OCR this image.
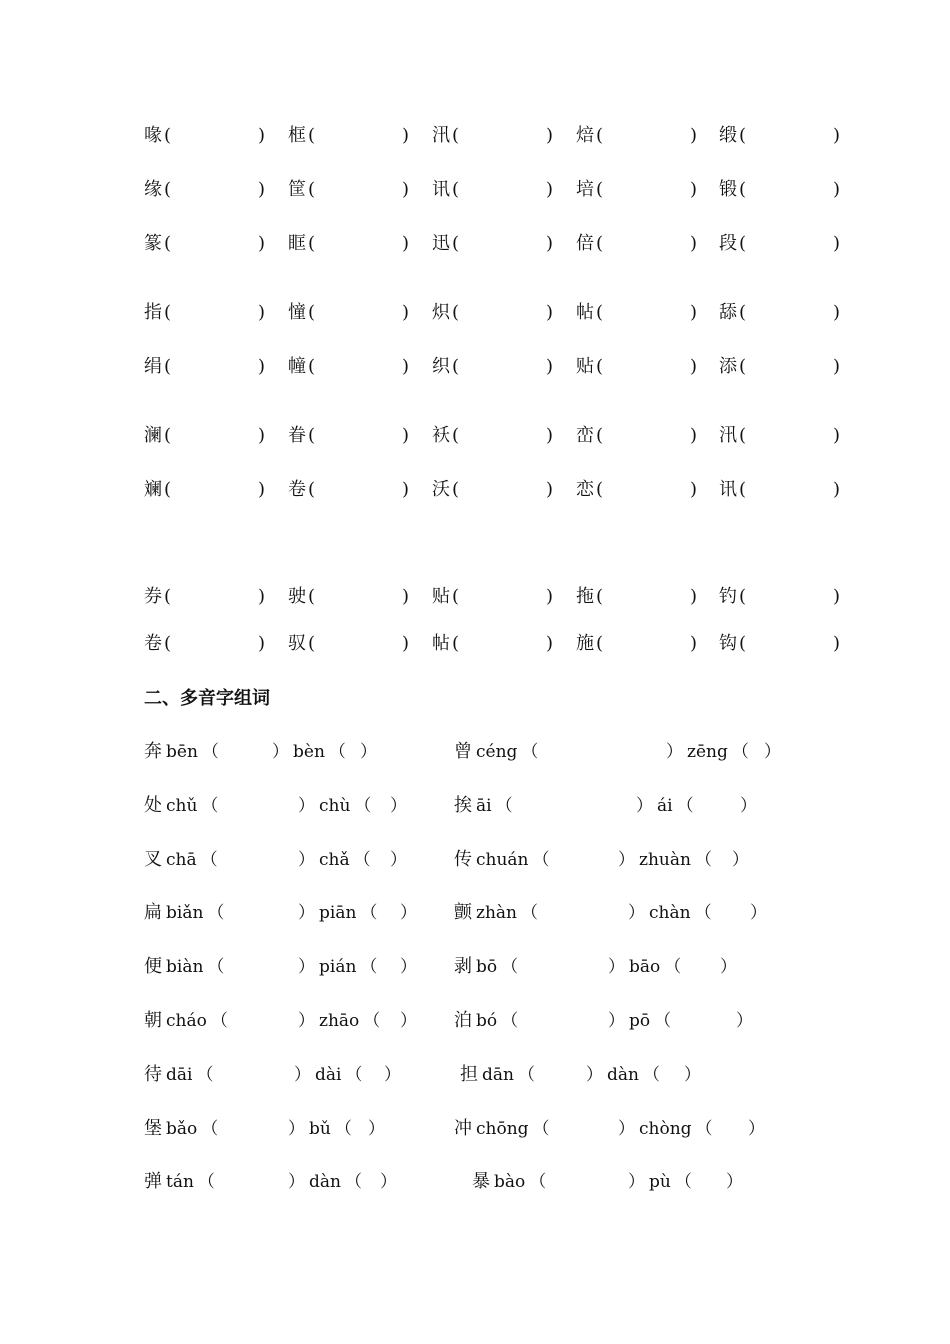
喙 (	) 框 (	) 汛 (	) 焙 (	) 缎 (	)
缘 (	) 筐 (	) 讯 (	) 培 (	) 锻 (	)
篆 (	) 眶 (	) 迅 (	) 倍 (	) 段 (	)
指 (	) 憧 (	) 炽 (	) 帖 (	) 舔 (	)
绢 (	) 幢 (	) 织 (	) 贴 (	) 添 (	)
澜 (	) 眷 (	) 袄 (	) 峦 (	) 汛 (	)
斓 (	) 卷 (	) 沃 (	) 恋 (	) 讯 (	)
券 (	) 驶 (	) 贴 (	) 拖 (	) 钓 (	)
卷 (	) 驭 (	) 帖 (	) 施 (	) 钩 (	)
二、多音字组词
奔 bēn （	） bèn （ ）	曾 céng （	） zēng （ ）
处 chǔ （	） chù （ ）	挨 āi （	） ái （	）
叉 chā （	） chǎ （ ）	传 chuán （	） zhuàn （ ）
扁 biǎn （	） piān （ ） 颤 zhàn （	） chàn （ ）
便 biàn （	） pián （ ） 剥 bō （	） bāo （ ）
朝 cháo （	） zhāo （ ） 泊 bó （	） pō （	）
待 dāi （	） dài （ ）	担 dān （	） dàn （ ）
堡 bǎo （	） bǔ （ ）	冲 chōng （	） chòng （ ）
弹 tán （	） dàn （ ）	暴 bào （	） pù （ ）
